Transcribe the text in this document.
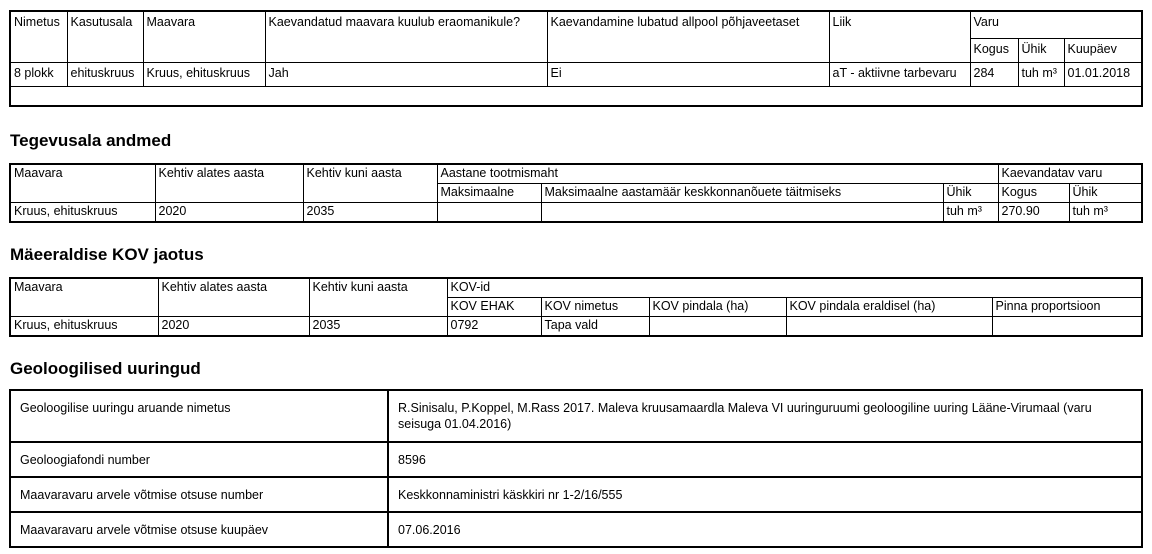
Nimetus	Kasutusala	Maavara	Kaevandatud maavara kuulub eraomanikule?	Kaevandamine lubatud allpool põhjaveetaset	Liik	Varu		
						Kogus	Ühik	Kuupäev
8 plokk	ehituskruus	Kruus, ehituskruus	Jah	Ei	aT - aktiivne tarbevaru	284	tuh m³	01.01.2018

Tegevusala andmed
Maavara	Kehtiv alates aasta	Kehtiv kuni aasta	Aastane tootmismaht			Kaevandatav varu	
			Maksimaalne	Maksimaalne aastamäär keskkonnanõuete täitmiseks	Ühik	Kogus	Ühik
Kruus, ehituskruus	2020	2035			tuh m³	270.90	tuh m³
Mäeeraldise KOV jaotus
Maavara	Kehtiv alates aasta	Kehtiv kuni aasta	KOV-id				
			KOV EHAK	KOV nimetus	KOV pindala (ha)	KOV pindala eraldisel (ha)	Pinna proportsioon
Kruus, ehituskruus	2020	2035	0792	Tapa vald			
Geoloogilised uuringud
Geoloogilise uuringu aruande nimetus	R.Sinisalu, P.Koppel, M.Rass 2017. Maleva kruusamaardla Maleva VI uuringuruumi geoloogiline uuring Lääne-Virumaal (varu seisuga 01.04.2016)
Geoloogiafondi number	8596
Maavaravaru arvele võtmise otsuse number	Keskkonnaministri käskkiri nr 1-2/16/555
Maavaravaru arvele võtmise otsuse kuupäev	07.06.2016
